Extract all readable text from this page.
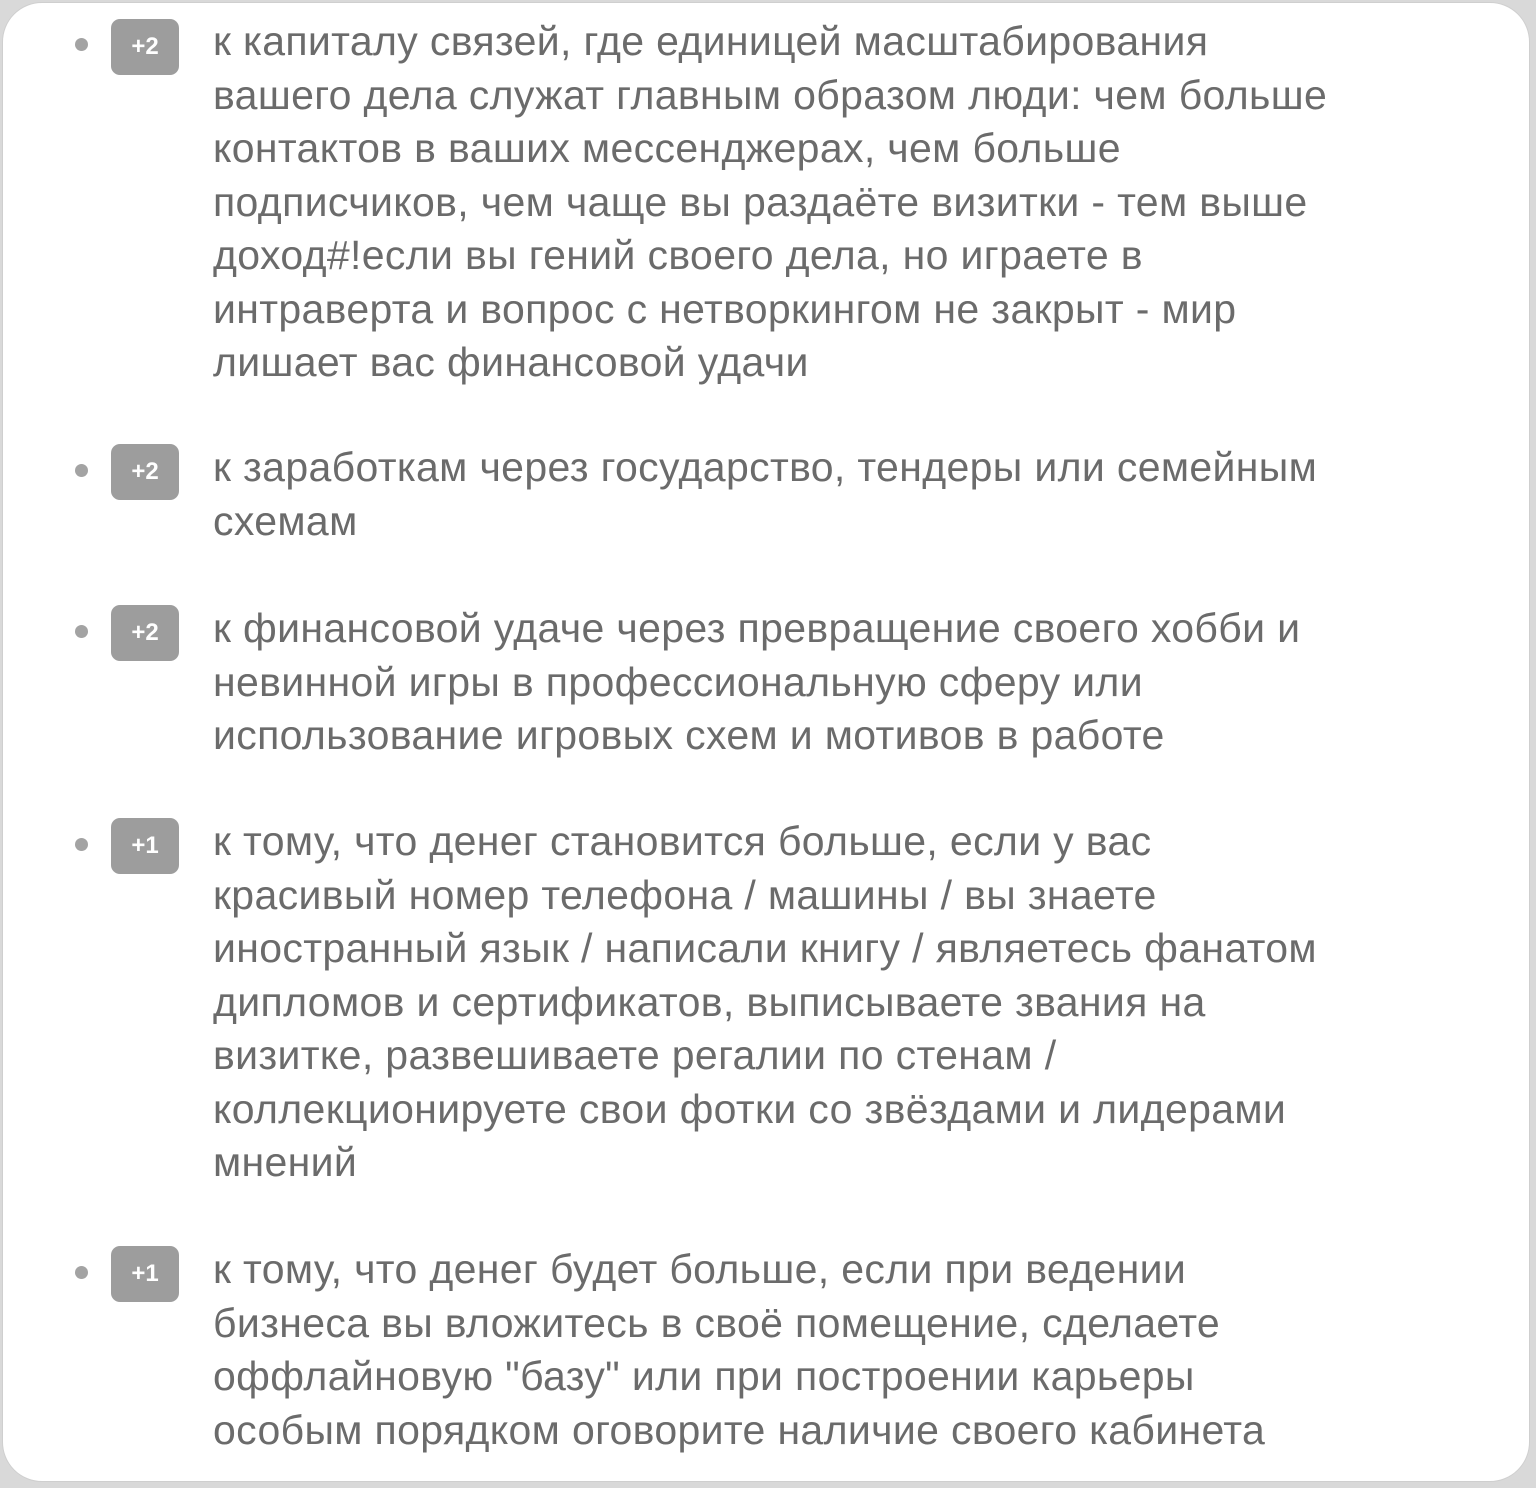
+2	к капиталу связей, где единицей масштабирования
вашего дела служат главным образом люди: чем больше
контактов в ваших мессенджерах, чем больше
подписчиков, чем чаще вы раздаёте визитки - тем выше
доход#!если вы гений своего дела, но играете в
интраверта и вопрос с нетворкингом не закрыт - мир
лишает вас финансовой удачи

+2	к заработкам через государство, тендеры или семейным
схемам

+2	к финансовой удаче через превращение своего хобби и
невинной игры в профессиональную сферу или
использование игровых схем и мотивов в работе

+1	к тому, что денег становится больше, если у вас
красивый номер телефона / машины / вы знаете
иностранный язык / написали книгу / являетесь фанатом
дипломов и сертификатов, выписываете звания на
визитке, развешиваете регалии по стенам /
коллекционируете свои фотки со звёздами и лидерами
мнений

+1	к тому, что денег будет больше, если при ведении
бизнеса вы вложитесь в своё помещение, сделаете
оффлайновую "базу" или при построении карьеры
особым порядком оговорите наличие своего кабинета
